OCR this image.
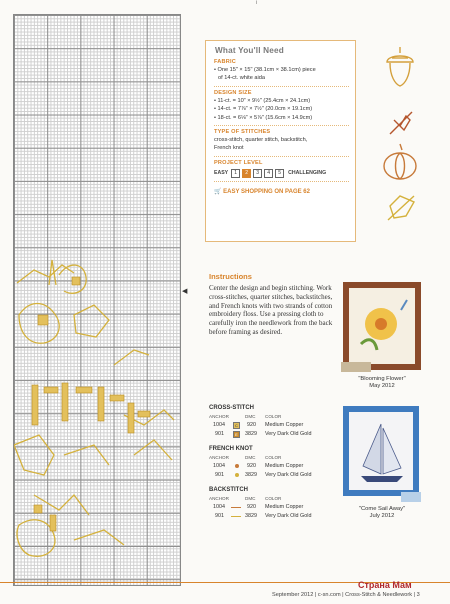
i
◀
What You'll Need
FABRIC
• One 15" × 15" (38.1cm × 38.1cm) piece
of 14-ct. white aida
DESIGN SIZE
• 11-ct. = 10" × 9½" (25.4cm × 24.1cm)
• 14-ct. = 7⅞" × 7½" (20.0cm × 19.1cm)
• 18-ct. = 6⅛" × 5⅞" (15.6cm × 14.9cm)
TYPE OF STITCHES
cross-stitch, quarter stitch, backstitch,
French knot
PROJECT LEVEL
EASY	1	2	3	4	5	CHALLENGING
🛒 EASY SHOPPING ON PAGE 62
Instructions
Center the design and begin stitching. Work cross-stitches, quarter stitches, backstitches, and French knots with two strands of cotton embroidery floss. Use a pressing cloth to carefully iron the needlework from the back before framing as desired.
"Blooming Flower"
May 2012
"Come Sail Away"
July 2012
CROSS-STITCH
ANCHOR	DMC COLOR
1004	C	920 Medium Copper
901	E	3829 Very Dark Old Gold
FRENCH KNOT
ANCHOR	DMC COLOR
1004	920 Medium Copper
901	3829 Very Dark Old Gold
BACKSTITCH
ANCHOR	DMC COLOR
1004	920 Medium Copper
901	3829 Very Dark Old Gold
September 2012 | c-sn.com | Cross-Stitch & Needlework | 3
Страна Мам
